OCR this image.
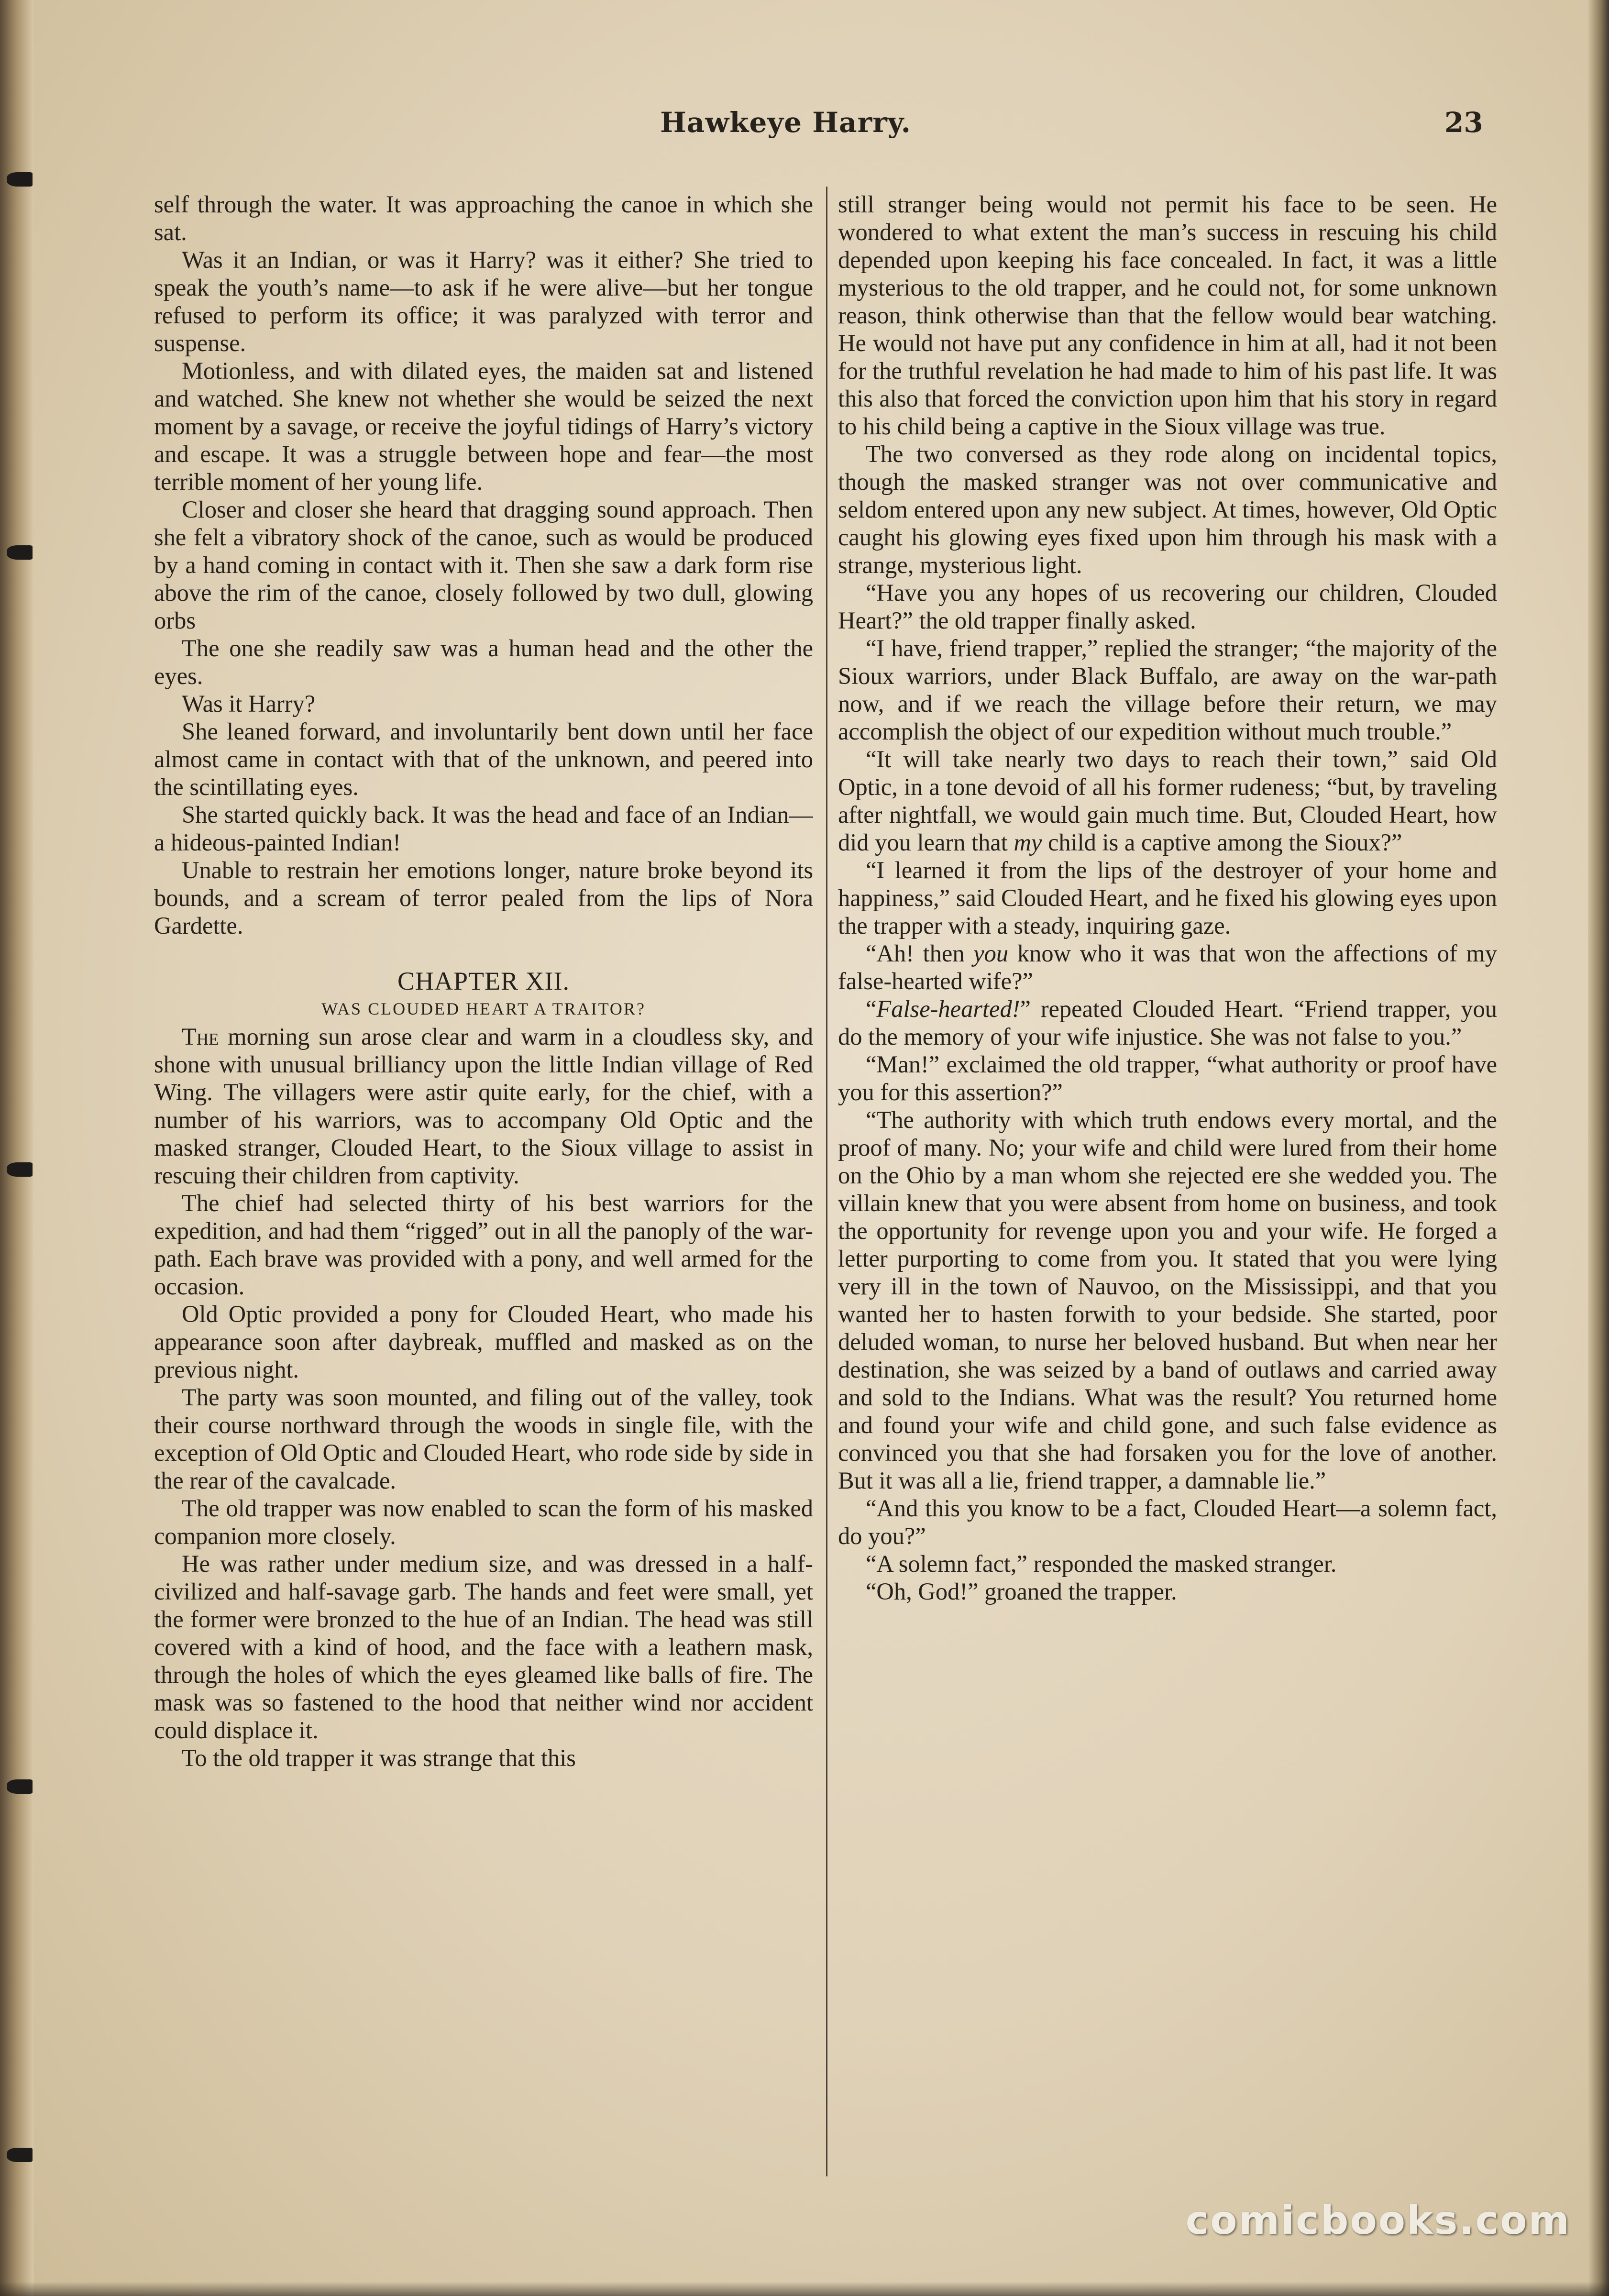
Hawkeye Harry.	23

self through the water. It was approaching the canoe in which she sat.

Was it an Indian, or was it Harry? was it either? She tried to speak the youth’s name—to ask if he were alive—but her tongue refused to perform its office; it was paralyzed with terror and suspense.

Motionless, and with dilated eyes, the maiden sat and listened and watched. She knew not whether she would be seized the next moment by a savage, or receive the joyful tidings of Harry’s victory and escape. It was a struggle between hope and fear—the most terrible moment of her young life.

Closer and closer she heard that dragging sound approach. Then she felt a vibratory shock of the canoe, such as would be produced by a hand coming in contact with it. Then she saw a dark form rise above the rim of the canoe, closely followed by two dull, glowing orbs

The one she readily saw was a human head and the other the eyes.

Was it Harry?

She leaned forward, and involuntarily bent down until her face almost came in contact with that of the unknown, and peered into the scintillating eyes.

She started quickly back. It was the head and face of an Indian—a hideous-painted Indian!

Unable to restrain her emotions longer, nature broke beyond its bounds, and a scream of terror pealed from the lips of Nora Gardette.

CHAPTER XII.
WAS CLOUDED HEART A TRAITOR?

The morning sun arose clear and warm in a cloudless sky, and shone with unusual brilliancy upon the little Indian village of Red Wing. The villagers were astir quite early, for the chief, with a number of his warriors, was to accompany Old Optic and the masked stranger, Clouded Heart, to the Sioux village to assist in rescuing their children from captivity.

The chief had selected thirty of his best warriors for the expedition, and had them “rigged” out in all the panoply of the war-path. Each brave was provided with a pony, and well armed for the occasion.

Old Optic provided a pony for Clouded Heart, who made his appearance soon after daybreak, muffled and masked as on the previous night.

The party was soon mounted, and filing out of the valley, took their course northward through the woods in single file, with the exception of Old Optic and Clouded Heart, who rode side by side in the rear of the cavalcade.

The old trapper was now enabled to scan the form of his masked companion more closely.

He was rather under medium size, and was dressed in a half-civilized and half-savage garb. The hands and feet were small, yet the former were bronzed to the hue of an Indian. The head was still covered with a kind of hood, and the face with a leathern mask, through the holes of which the eyes gleamed like balls of fire. The mask was so fastened to the hood that neither wind nor accident could displace it.

To the old trapper it was strange that this

still stranger being would not permit his face to be seen. He wondered to what extent the man’s success in rescuing his child depended upon keeping his face concealed. In fact, it was a little mysterious to the old trapper, and he could not, for some unknown reason, think otherwise than that the fellow would bear watching. He would not have put any confidence in him at all, had it not been for the truthful revelation he had made to him of his past life. It was this also that forced the conviction upon him that his story in regard to his child being a captive in the Sioux village was true.

The two conversed as they rode along on incidental topics, though the masked stranger was not over communicative and seldom entered upon any new subject. At times, however, Old Optic caught his glowing eyes fixed upon him through his mask with a strange, mysterious light.

“Have you any hopes of us recovering our children, Clouded Heart?” the old trapper finally asked.

“I have, friend trapper,” replied the stranger; “the majority of the Sioux warriors, under Black Buffalo, are away on the war-path now, and if we reach the village before their return, we may accomplish the object of our expedition without much trouble.”

“It will take nearly two days to reach their town,” said Old Optic, in a tone devoid of all his former rudeness; “but, by traveling after nightfall, we would gain much time. But, Clouded Heart, how did you learn that my child is a captive among the Sioux?”

“I learned it from the lips of the destroyer of your home and happiness,” said Clouded Heart, and he fixed his glowing eyes upon the trapper with a steady, inquiring gaze.

“Ah! then you know who it was that won the affections of my false-hearted wife?”

“False-hearted!” repeated Clouded Heart. “Friend trapper, you do the memory of your wife injustice. She was not false to you.”

“Man!” exclaimed the old trapper, “what authority or proof have you for this assertion?”

“The authority with which truth endows every mortal, and the proof of many. No; your wife and child were lured from their home on the Ohio by a man whom she rejected ere she wedded you. The villain knew that you were absent from home on business, and took the opportunity for revenge upon you and your wife. He forged a letter purporting to come from you. It stated that you were lying very ill in the town of Nauvoo, on the Mississippi, and that you wanted her to hasten forwith to your bedside. She started, poor deluded woman, to nurse her beloved husband. But when near her destination, she was seized by a band of outlaws and carried away and sold to the Indians. What was the result? You returned home and found your wife and child gone, and such false evidence as convinced you that she had forsaken you for the love of another. But it was all a lie, friend trapper, a damnable lie.”

“And this you know to be a fact, Clouded Heart—a solemn fact, do you?”

“A solemn fact,” responded the masked stranger.

“Oh, God!” groaned the trapper.

comicbooks.com
